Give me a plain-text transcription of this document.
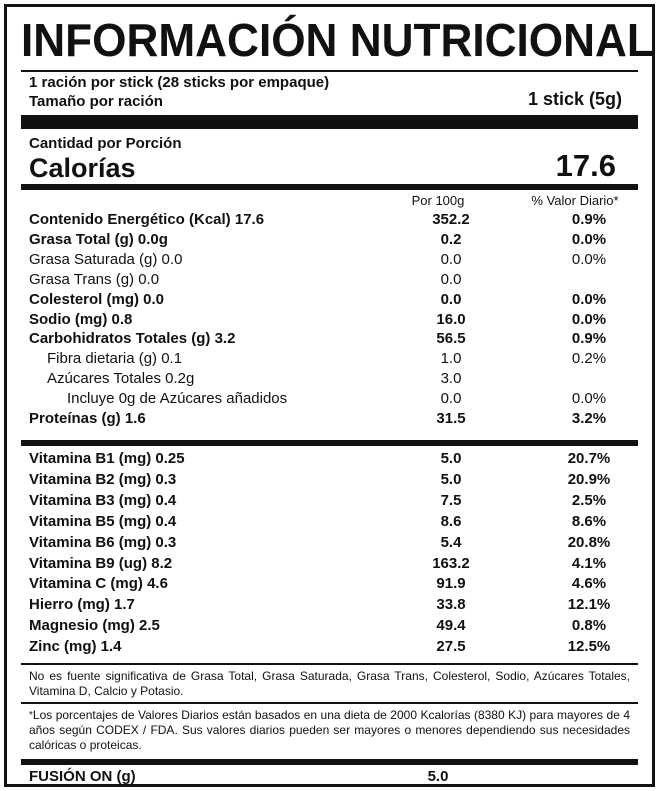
INFORMACIÓN NUTRICIONAL
1 ración por stick (28 sticks por empaque)
Tamaño por ración	1 stick (5g)
Cantidad por Porción
Calorías	17.6
Por 100g	% Valor Diario*
Contenido Energético (Kcal) 17.6	352.2	0.9%
Grasa Total (g) 0.0g	0.2	0.0%
Grasa Saturada (g) 0.0	0.0	0.0%
Grasa Trans (g) 0.0	0.0
Colesterol (mg) 0.0	0.0	0.0%
Sodio (mg) 0.8	16.0	0.0%
Carbohidratos Totales (g) 3.2	56.5	0.9%
Fibra dietaria (g) 0.1	1.0	0.2%
Azúcares Totales 0.2g	3.0
Incluye 0g de Azúcares añadidos	0.0	0.0%
Proteínas (g) 1.6	31.5	3.2%
Vitamina B1 (mg) 0.25	5.0	20.7%
Vitamina B2 (mg) 0.3	5.0	20.9%
Vitamina B3 (mg) 0.4	7.5	2.5%
Vitamina B5 (mg) 0.4	8.6	8.6%
Vitamina B6 (mg) 0.3	5.4	20.8%
Vitamina B9 (ug) 8.2	163.2	4.1%
Vitamina C (mg) 4.6	91.9	4.6%
Hierro (mg) 1.7	33.8	12.1%
Magnesio (mg) 2.5	49.4	0.8%
Zinc (mg) 1.4	27.5	12.5%
No es fuente significativa de Grasa Total, Grasa Saturada, Grasa Trans, Colesterol, Sodio, Azúcares Totales, Vitamina D, Calcio y Potasio.
*Los porcentajes de Valores Diarios están basados en una dieta de 2000 Kcalorías (8380 KJ) para mayores de 4 años según CODEX / FDA. Sus valores diarios pueden ser mayores o menores dependiendo sus necesidades calóricas o proteicas.
FUSIÓN ON (g)	5.0
